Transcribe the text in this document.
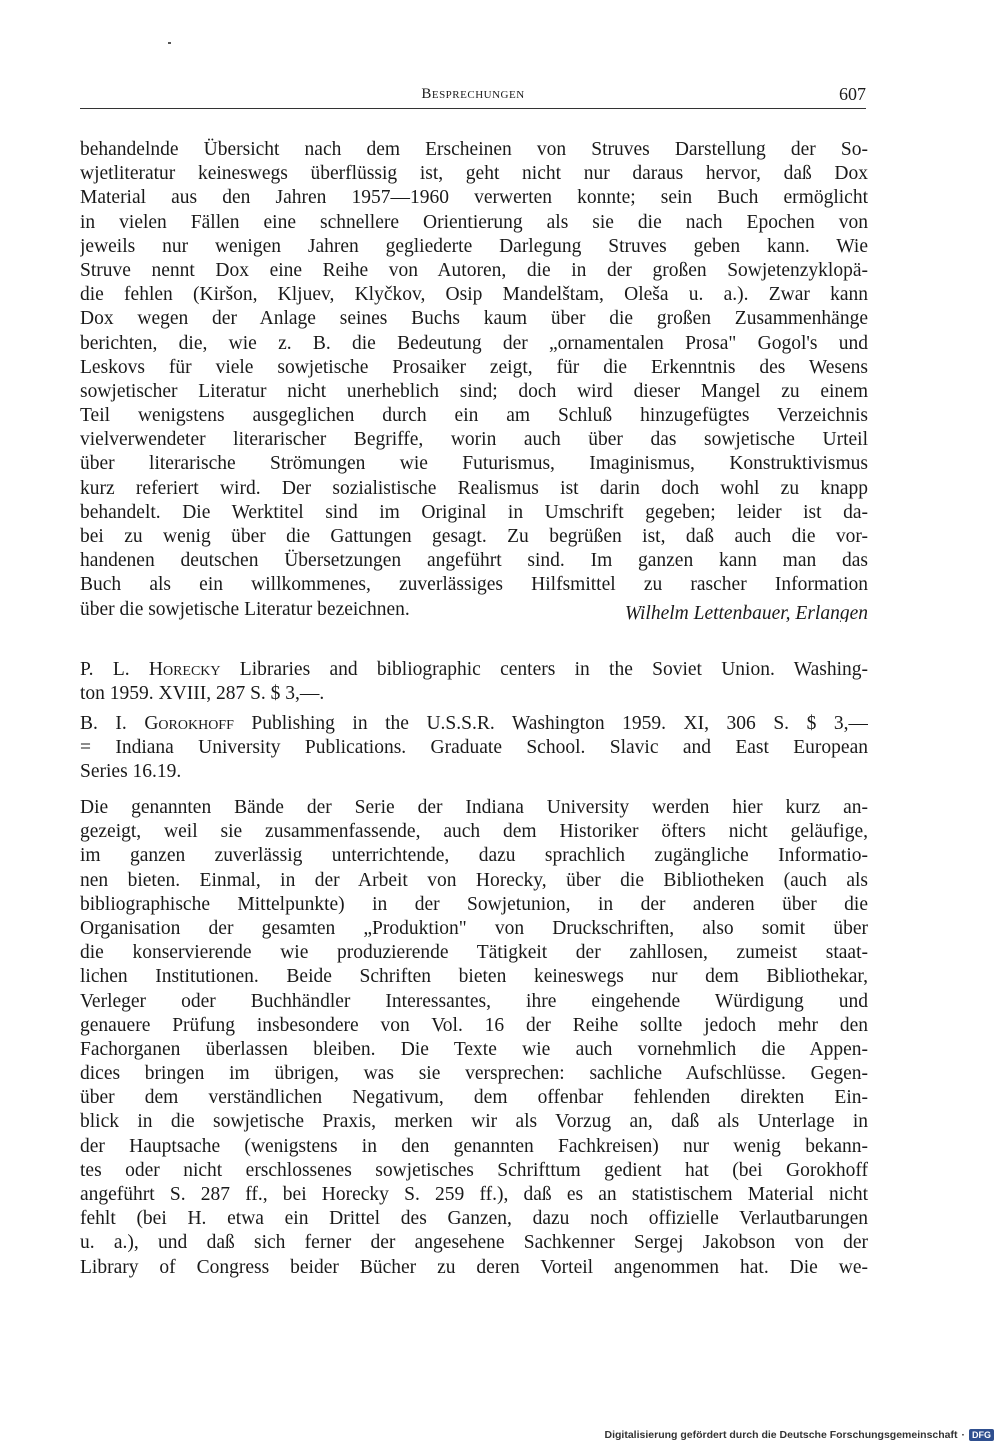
Besprechungen	607
behandelnde Übersicht nach dem Erscheinen von Struves Darstellung der So-
wjetliteratur keineswegs überflüssig ist, geht nicht nur daraus hervor, daß Dox
Material aus den Jahren 1957—1960 verwerten konnte; sein Buch ermöglicht
in vielen Fällen eine schnellere Orientierung als sie die nach Epochen von
jeweils nur wenigen Jahren gegliederte Darlegung Struves geben kann. Wie
Struve nennt Dox eine Reihe von Autoren, die in der großen Sowjetenzyklopä-
die fehlen (Kiršon, Kljuev, Klyčkov, Osip Mandelštam, Oleša u. a.). Zwar kann
Dox wegen der Anlage seines Buchs kaum über die großen Zusammenhänge
berichten, die, wie z. B. die Bedeutung der „ornamentalen Prosa" Gogol's und
Leskovs für viele sowjetische Prosaiker zeigt, für die Erkenntnis des Wesens
sowjetischer Literatur nicht unerheblich sind; doch wird dieser Mangel zu einem
Teil wenigstens ausgeglichen durch ein am Schluß hinzugefügtes Verzeichnis
vielverwendeter literarischer Begriffe, worin auch über das sowjetische Urteil
über literarische Strömungen wie Futurismus, Imaginismus, Konstruktivismus
kurz referiert wird. Der sozialistische Realismus ist darin doch wohl zu knapp
behandelt. Die Werktitel sind im Original in Umschrift gegeben; leider ist da-
bei zu wenig über die Gattungen gesagt. Zu begrüßen ist, daß auch die vor-
handenen deutschen Übersetzungen angeführt sind. Im ganzen kann man das
Buch als ein willkommenes, zuverlässiges Hilfsmittel zu rascher Information
über die sowjetische Literatur bezeichnen.	Wilhelm Lettenbauer, Erlangen
P. L. Horecky Libraries and bibliographic centers in the Soviet Union. Washing-
ton 1959. XVIII, 287 S. $ 3,—.
B. I. Gorokhoff Publishing in the U.S.S.R. Washington 1959. XI, 306 S. $ 3,—
= Indiana University Publications. Graduate School. Slavic and East European
Series 16.19.
Die genannten Bände der Serie der Indiana University werden hier kurz an-
gezeigt, weil sie zusammenfassende, auch dem Historiker öfters nicht geläufige,
im ganzen zuverlässig unterrichtende, dazu sprachlich zugängliche Informatio-
nen bieten. Einmal, in der Arbeit von Horecky, über die Bibliotheken (auch als
bibliographische Mittelpunkte) in der Sowjetunion, in der anderen über die
Organisation der gesamten „Produktion" von Druckschriften, also somit über
die konservierende wie produzierende Tätigkeit der zahllosen, zumeist staat-
lichen Institutionen. Beide Schriften bieten keineswegs nur dem Bibliothekar,
Verleger oder Buchhändler Interessantes, ihre eingehende Würdigung und
genauere Prüfung insbesondere von Vol. 16 der Reihe sollte jedoch mehr den
Fachorganen überlassen bleiben. Die Texte wie auch vornehmlich die Appen-
dices bringen im übrigen, was sie versprechen: sachliche Aufschlüsse. Gegen-
über dem verständlichen Negativum, dem offenbar fehlenden direkten Ein-
blick in die sowjetische Praxis, merken wir als Vorzug an, daß als Unterlage in
der Hauptsache (wenigstens in den genannten Fachkreisen) nur wenig bekann-
tes oder nicht erschlossenes sowjetisches Schrifttum gedient hat (bei Gorokhoff
angeführt S. 287 ff., bei Horecky S. 259 ff.), daß es an statistischem Material nicht
fehlt (bei H. etwa ein Drittel des Ganzen, dazu noch offizielle Verlautbarungen
u. a.), und daß sich ferner der angesehene Sachkenner Sergej Jakobson von der
Library of Congress beider Bücher zu deren Vorteil angenommen hat. Die we-
Digitalisierung gefördert durch die Deutsche Forschungsgemeinschaft · DFG
